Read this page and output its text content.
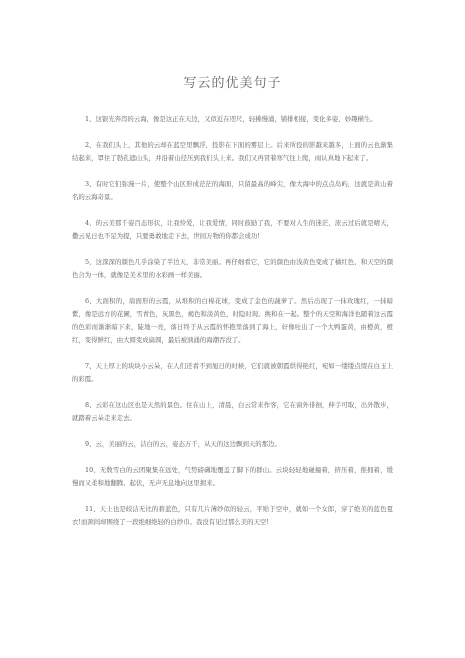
写云的优美句子

1、这银光奔泻的云海，像是这正在天边，又似近在咫尺，轻拂慢涌，铺排相接，变化多姿，妙趣横生。

2、在我们头上，其他的云却在蓝空里飘浮，投影在下面的雾层上。后来所投的影越来越多，上面的云也渐集结起来，罩住了勃孔遮山头，并沿着山径压到我们头上来。我们又再冒着寒气往上爬，雨认真地下起来了。

3、有时它们弥漫一片，使整个山区形成茫茫的海面，只留最高的峰尖，像大海中的点点岛屿，这就是黄山着名的云海奇景。

4、的云美那千姿百态形状，让我怜爱，让我爱情，同时鼓励了我，不要对人生的迷茫，浓云过后就是晴天，撒云见日也不足为提，只要勇敢地走下去，世间万物的你都会成功!

5、这深深的颜色几乎涂染了半边天，非常美丽。再仔细看它，它的颜色由浅黄色变成了橘红色，和天空的颜色合为一体，就像是美术里的水彩画一样美丽。

6、大面积的，扇面形的云霞，从堆积的白棉花球，变成了金色的蔬萝了。然后出现了一抹玫瑰红，一抹暗紫，像是远方的花圃，雪青色，灰黑色，褐色和淡黄色，时隐时现。换和在一起。整个的天空和海洋也随着这云霞的色彩而渐渐暗下来，陡地一亮，落日终于从云霞的怀抱里落到了海上，好像吐出了一个大鸭蛋黄，由橙黄，橙红，变得鲜红，由大圆变成扁圆，最后被汹涌的海潮吞没了。

7、天上厚上的块块小云朵，在人们还看不到旭日的时候，它们就被朝霞烘得艳红，宛如一缕缕点缀在白玉上的彩霞。

8、云彩在这山区也是天然的景色。住在山上，清晨，白云常来作客，它在窗外徘徊，伸手可取，出外散步，就踏着云朵走来走去。

9、云，美丽的云，洁白的云，姿态万千，从天的这边飘到天的那边。

10、无数雪白的云团聚集在远处，气势磅礴地覆盖了脚下的群山。云块轻轻地碰撞着，挤压着，推拥着，缓慢而又柔和地翻腾、起伏，无声无息地向这里拥来。

11、天上也是皎洁无比的碧蓝色，只有几片薄纱似的轻云，平贴于空中，就如一个女郎，穿了绝美的蓝色夏衣!而颈间却围绕了一段绝细绝轻的白纱巾。我没有见过那么美的天空!
